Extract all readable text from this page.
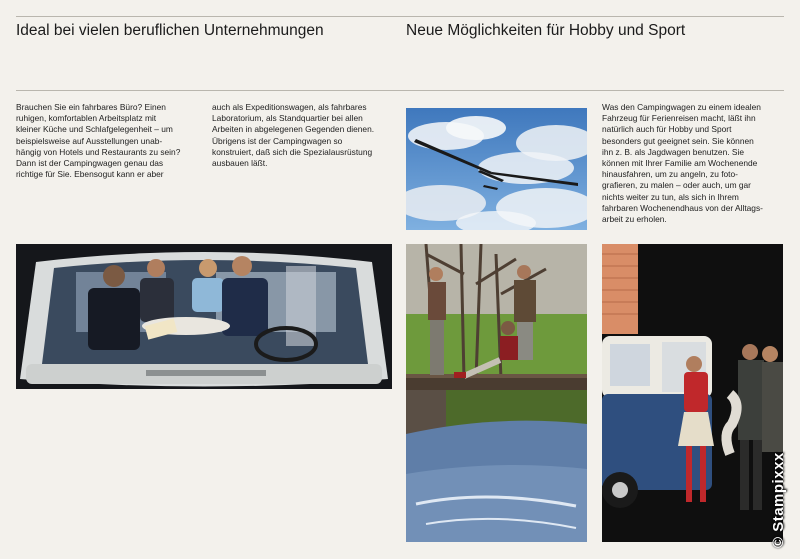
Ideal bei vielen beruflichen Unternehmungen	Neue Möglichkeiten für Hobby und Sport

Brauchen Sie ein fahrbares Büro? Einen
ruhigen, komfortablen Arbeitsplatz mit
kleiner Küche und Schlafgelegenheit – um
beispielsweise auf Ausstellungen unab-
hängig von Hotels und Restaurants zu sein?
Dann ist der Campingwagen genau das
richtige für Sie. Ebensogut kann er aber

auch als Expeditionswagen, als fahrbares
Laboratorium, als Standquartier bei allen
Arbeiten in abgelegenen Gegenden dienen.
Übrigens ist der Campingwagen so
konstruiert, daß sich die Spezialausrüstung
ausbauen läßt.

Was den Campingwagen zu einem idealen
Fahrzeug für Ferienreisen macht, läßt ihn
natürlich auch für Hobby und Sport
besonders gut geeignet sein. Sie können
ihn z. B. als Jagdwagen benutzen. Sie
können mit Ihrer Familie am Wochenende
hinausfahren, um zu angeln, zu foto-
grafieren, zu malen – oder auch, um gar
nichts weiter zu tun, als sich in Ihrem
fahrbaren Wochenendhaus von der Alltags-
arbeit zu erholen.

© Stampixxx
